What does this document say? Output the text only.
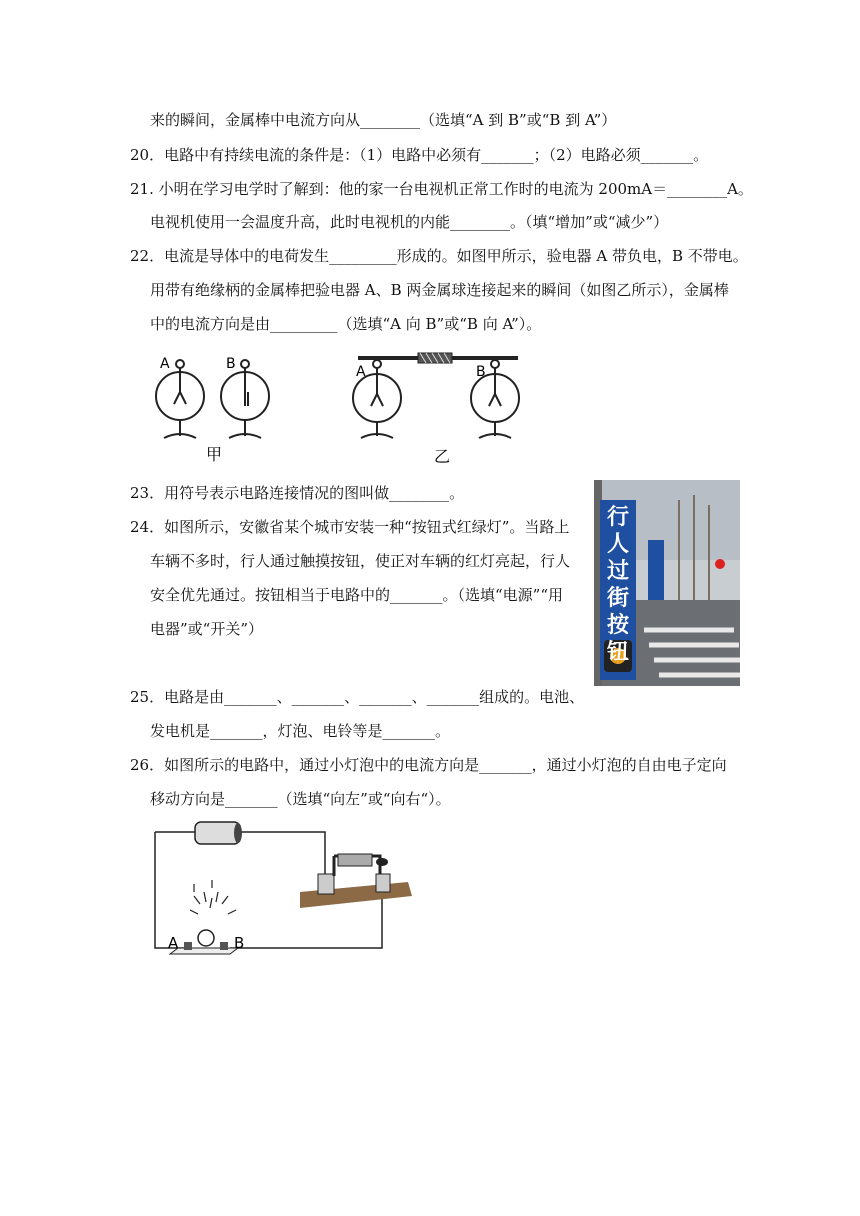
来的瞬间，金属棒中电流方向从________（选填“A 到 B”或“B 到 A”）
20．电路中有持续电流的条件是：（1）电路中必须有_______；（2）电路必须_______。
21. 小明在学习电学时了解到：他的家一台电视机正常工作时的电流为 200mA＝________A。
电视机使用一会温度升高，此时电视机的内能________。（填“增加”或“减少”）
22．电流是导体中的电荷发生_________形成的。如图甲所示，验电器 A 带负电，B 不带电。
用带有绝缘柄的金属棒把验电器 A、B 两金属球连接起来的瞬间（如图乙所示），金属棒
中的电流方向是由_________（选填“A 向 B”或“B 向 A”）。
A	B	A	B
甲	乙
23．用符号表示电路连接情况的图叫做________。
24．如图所示，安徽省某个城市安装一种“按钮式红绿灯”。当路上
车辆不多时，行人通过触摸按钮，使正对车辆的红灯亮起，行人
安全优先通过。按钮相当于电路中的_______。（选填“电源”“用
电器”或“开关”）
行
人
过
街
按
钮
25．电路是由_______、_______、_______、_______组成的。电池、
发电机是_______，灯泡、电铃等是_______。
26．如图所示的电路中，通过小灯泡中的电流方向是_______，通过小灯泡的自由电子定向
移动方向是_______（选填“向左”或“向右“）。
A	B
